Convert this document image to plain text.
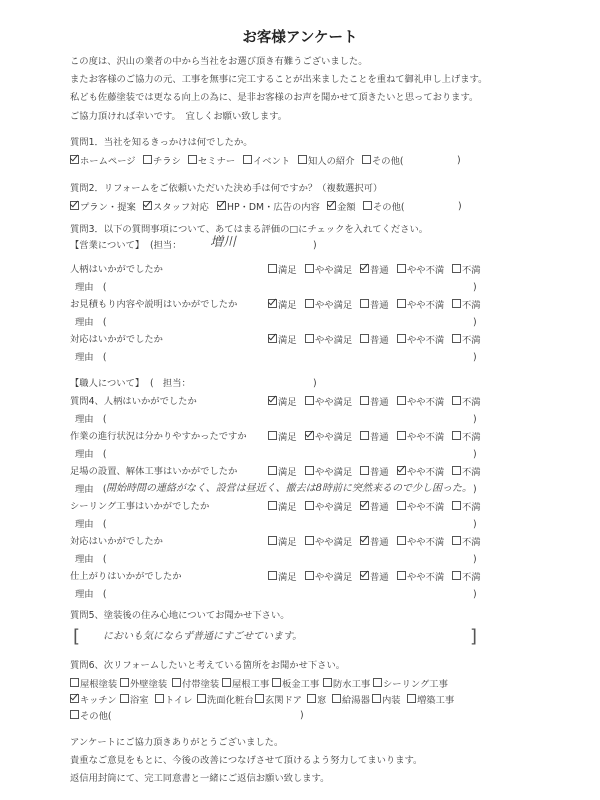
お客様アンケート
この度は、沢山の業者の中から当社をお選び頂き有難うございました。
またお客様のご協力の元、工事を無事に完工することが出来ましたことを重ねて御礼申し上げます。
私ども佐藤塗装では更なる向上の為に、是非お客様のお声を聞かせて頂きたいと思っております。
ご協力頂ければ幸いです。　宜しくお願い致します。
質問1．当社を知るきっかけは何でしたか。
ホームページ	チラシ	セミナー	イベント	知人の紹介	その他(	)
質問2．リフォームをご依頼いただいた決め手は何ですか？（複数選択可）
プラン・提案	スタッフ対応	HP・DM・広告の内容	金額	その他(	)
質問3．以下の質問事項について、あてはまる評価の□にチェックを入れてください。
【営業について】 (担当： 増川	)
人柄はいかがでしたか	満足	やや満足	普通	やや不満	不満
理由　(	)
お見積もり内容や説明はいかがでしたか	満足	やや満足	普通	やや不満	不満
理由　(	)
対応はいかがでしたか	満足	やや満足	普通	やや不満	不満
理由　(	)
【職人について】 (　担当：	)
質問4、人柄はいかがでしたか	満足	やや満足	普通	やや不満	不満
理由　(	)
作業の進行状況は分かりやすかったですか	満足	やや満足	普通	やや不満	不満
理由　(	)
足場の設置、解体工事はいかがでしたか	満足	やや満足	普通	やや不満	不満
理由　( 開始時間の連絡がなく、設営は昼近く、撤去は8時前に突然来るので少し困った。 )
シーリング工事はいかがでしたか	満足	やや満足	普通	やや不満	不満
理由　(	)
対応はいかがでしたか	満足	やや満足	普通	やや不満	不満
理由　(	)
仕上がりはいかがでしたか	満足	やや満足	普通	やや不満	不満
理由　(	)
質問5、塗装後の住み心地についてお聞かせ下さい。
[ においも気にならず普通にすごせています。	]
質問6、次リフォームしたいと考えている箇所をお聞かせ下さい。
屋根塗装	外壁塗装	付帯塗装	屋根工事	板金工事	防水工事	シーリング工事
キッチン	浴室	トイレ	洗面化粧台	玄関ドア	窓	給湯器	内装	増築工事
その他(	)
アンケートにご協力頂きありがとうございました。
貴重なご意見をもとに、今後の改善につなげさせて頂けるよう努力してまいります。
返信用封筒にて、完工同意書と一緒にご返信お願い致します。
